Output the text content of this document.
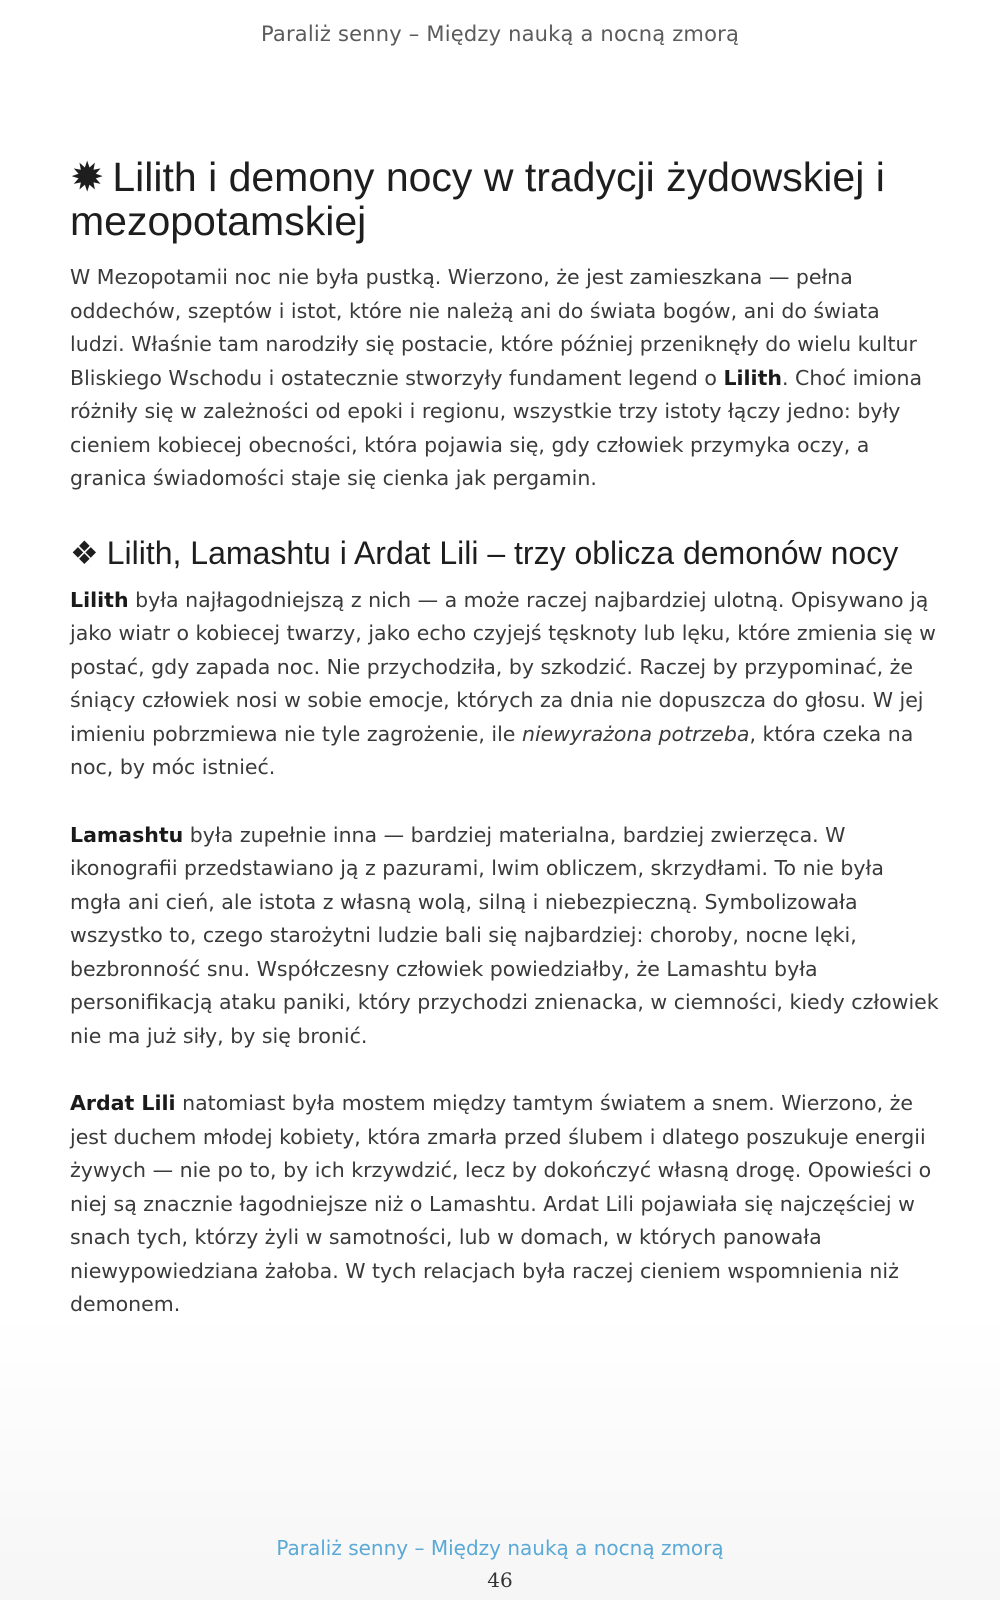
Paraliż senny – Między nauką a nocną zmorą
✹ Lilith i demony nocy w tradycji żydowskiej i mezopotamskiej

W Mezopotamii noc nie była pustką. Wierzono, że jest zamieszkana — pełna oddechów, szeptów i istot, które nie należą ani do świata bogów, ani do świata ludzi. Właśnie tam narodziły się postacie, które później przeniknęły do wielu kultur Bliskiego Wschodu i ostatecznie stworzyły fundament legend o Lilith. Choć imiona różniły się w zależności od epoki i regionu, wszystkie trzy istoty łączy jedno: były cieniem kobiecej obecności, która pojawia się, gdy człowiek przymyka oczy, a granica świadomości staje się cienka jak pergamin.

❖ Lilith, Lamashtu i Ardat Lili – trzy oblicza demonów nocy

Lilith była najłagodniejszą z nich — a może raczej najbardziej ulotną. Opisywano ją jako wiatr o kobiecej twarzy, jako echo czyjejś tęsknoty lub lęku, które zmienia się w postać, gdy zapada noc. Nie przychodziła, by szkodzić. Raczej by przypominać, że śniący człowiek nosi w sobie emocje, których za dnia nie dopuszcza do głosu. W jej imieniu pobrzmiewa nie tyle zagrożenie, ile niewyrażona potrzeba, która czeka na noc, by móc istnieć.

Lamashtu była zupełnie inna — bardziej materialna, bardziej zwierzęca. W ikonografii przedstawiano ją z pazurami, lwim obliczem, skrzydłami. To nie była mgła ani cień, ale istota z własną wolą, silną i niebezpieczną. Symbolizowała wszystko to, czego starożytni ludzie bali się najbardziej: choroby, nocne lęki, bezbronność snu. Współczesny człowiek powiedziałby, że Lamashtu była personifikacją ataku paniki, który przychodzi znienacka, w ciemności, kiedy człowiek nie ma już siły, by się bronić.

Ardat Lili natomiast była mostem między tamtym światem a snem. Wierzono, że jest duchem młodej kobiety, która zmarła przed ślubem i dlatego poszukuje energii żywych — nie po to, by ich krzywdzić, lecz by dokończyć własną drogę. Opowieści o niej są znacznie łagodniejsze niż o Lamashtu. Ardat Lili pojawiała się najczęściej w snach tych, którzy żyli w samotności, lub w domach, w których panowała niewypowiedziana żałoba. W tych relacjach była raczej cieniem wspomnienia niż demonem.

Paraliż senny – Między nauką a nocną zmorą
46
